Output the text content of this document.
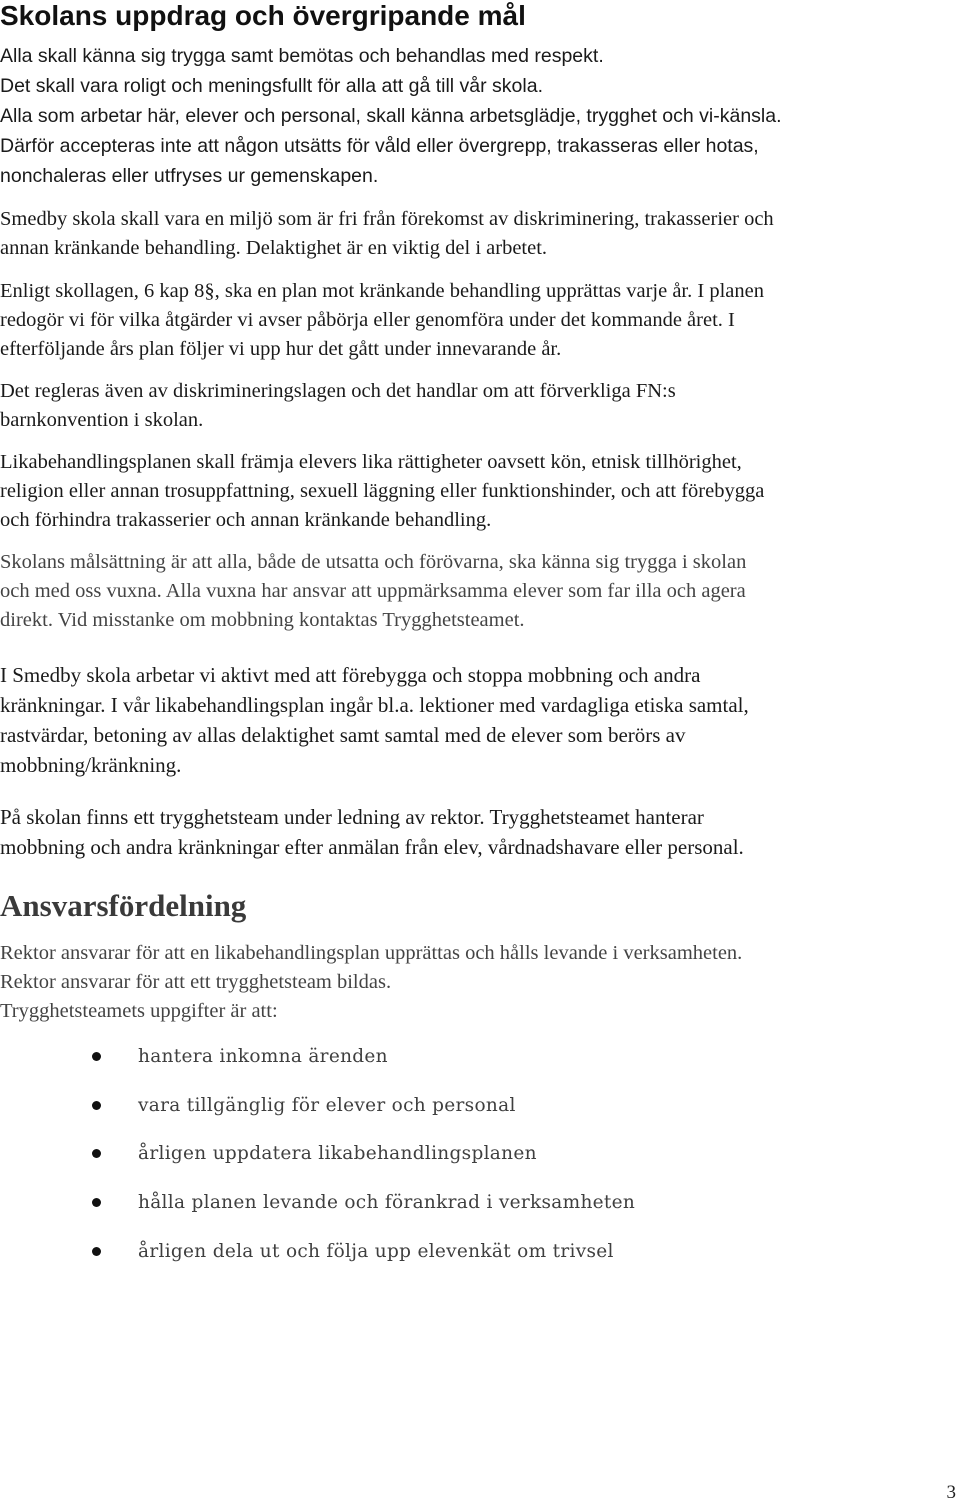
Skolans uppdrag och övergripande mål

Alla skall känna sig trygga samt bemötas och behandlas med respekt.
Det skall vara roligt och meningsfullt för alla att gå till vår skola.
Alla som arbetar här, elever och personal, skall känna arbetsglädje, trygghet och vi-känsla.
Därför accepteras inte att någon utsätts för våld eller övergrepp, trakasseras eller hotas,
nonchaleras eller utfryses ur gemenskapen.

Smedby skola skall vara en miljö som är fri från förekomst av diskriminering, trakasserier och
annan kränkande behandling. Delaktighet är en viktig del i arbetet.

Enligt skollagen, 6 kap 8§, ska en plan mot kränkande behandling upprättas varje år. I planen
redogör vi för vilka åtgärder vi avser påbörja eller genomföra under det kommande året. I
efterföljande års plan följer vi upp hur det gått under innevarande år.

Det regleras även av diskrimineringslagen och det handlar om att förverkliga FN:s
barnkonvention i skolan.

Likabehandlingsplanen skall främja elevers lika rättigheter oavsett kön, etnisk tillhörighet,
religion eller annan trosuppfattning, sexuell läggning eller funktionshinder, och att förebygga
och förhindra trakasserier och annan kränkande behandling.

Skolans målsättning är att alla, både de utsatta och förövarna, ska känna sig trygga i skolan
och med oss vuxna. Alla vuxna har ansvar att uppmärksamma elever som far illa och agera
direkt. Vid misstanke om mobbning kontaktas Trygghetsteamet.

I Smedby skola arbetar vi aktivt med att förebygga och stoppa mobbning och andra
kränkningar. I vår likabehandlingsplan ingår bl.a. lektioner med vardagliga etiska samtal,
rastvärdar, betoning av allas delaktighet samt samtal med de elever som berörs av
mobbning/kränkning.

På skolan finns ett trygghetsteam under ledning av rektor. Trygghetsteamet hanterar
mobbning och andra kränkningar efter anmälan från elev, vårdnadshavare eller personal.

Ansvarsfördelning

Rektor ansvarar för att en likabehandlingsplan upprättas och hålls levande i verksamheten.
Rektor ansvarar för att ett trygghetsteam bildas.
Trygghetsteamets uppgifter är att:

hantera inkomna ärenden
vara tillgänglig för elever och personal
årligen uppdatera likabehandlingsplanen
hålla planen levande och förankrad i verksamheten
årligen dela ut och följa upp elevenkät om trivsel
3
